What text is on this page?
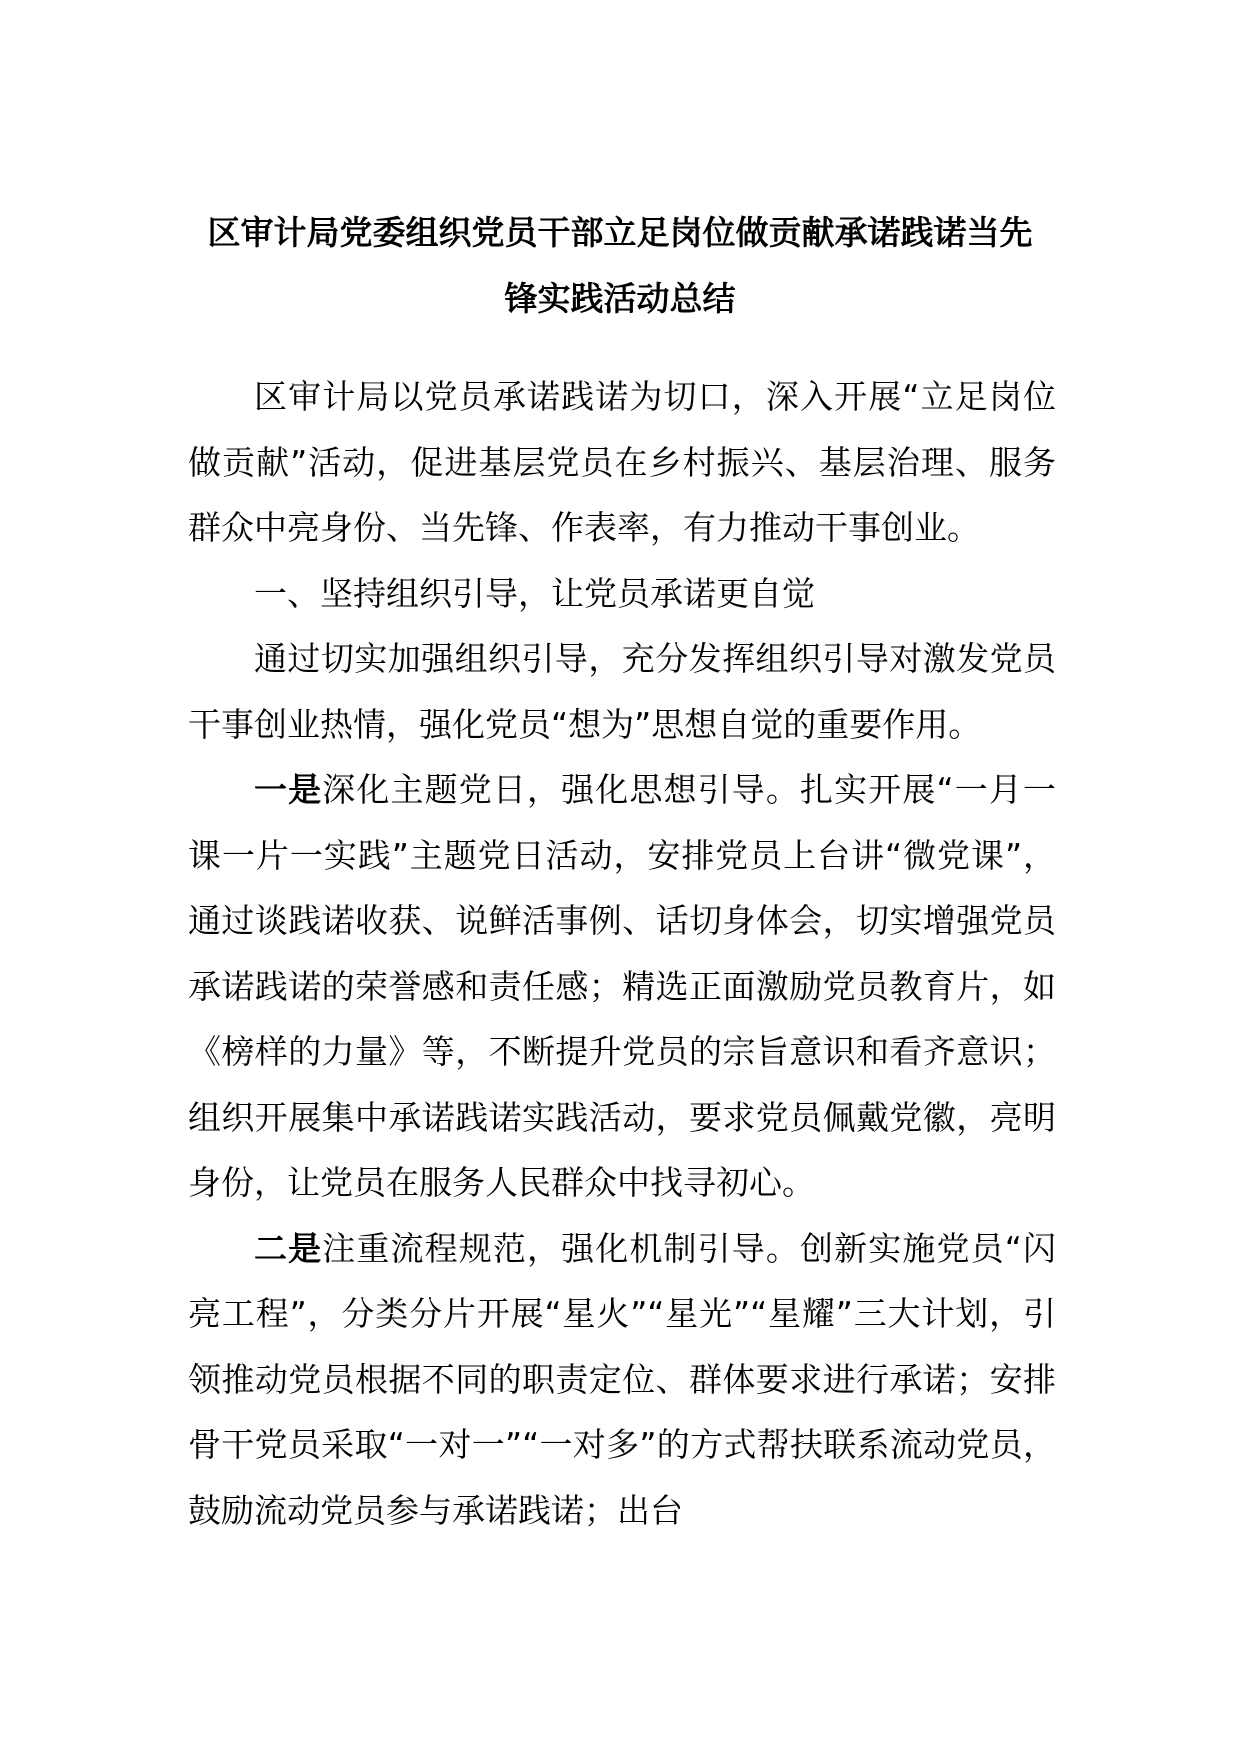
区审计局党委组织党员干部立足岗位做贡献承诺践诺当先
锋实践活动总结

区审计局以党员承诺践诺为切口，深入开展“立足岗位做贡献”活动，促进基层党员在乡村振兴、基层治理、服务群众中亮身份、当先锋、作表率，有力推动干事创业。

一、坚持组织引导，让党员承诺更自觉

通过切实加强组织引导，充分发挥组织引导对激发党员干事创业热情，强化党员“想为”思想自觉的重要作用。

一是深化主题党日，强化思想引导。扎实开展“一月一课一片一实践”主题党日活动，安排党员上台讲“微党课”，通过谈践诺收获、说鲜活事例、话切身体会，切实增强党员承诺践诺的荣誉感和责任感；精选正面激励党员教育片，如《榜样的力量》等，不断提升党员的宗旨意识和看齐意识；组织开展集中承诺践诺实践活动，要求党员佩戴党徽，亮明身份，让党员在服务人民群众中找寻初心。

二是注重流程规范，强化机制引导。创新实施党员“闪亮工程”，分类分片开展“星火”“星光”“星耀”三大计划，引领推动党员根据不同的职责定位、群体要求进行承诺；安排骨干党员采取“一对一”“一对多”的方式帮扶联系流动党员，鼓励流动党员参与承诺践诺；出台
